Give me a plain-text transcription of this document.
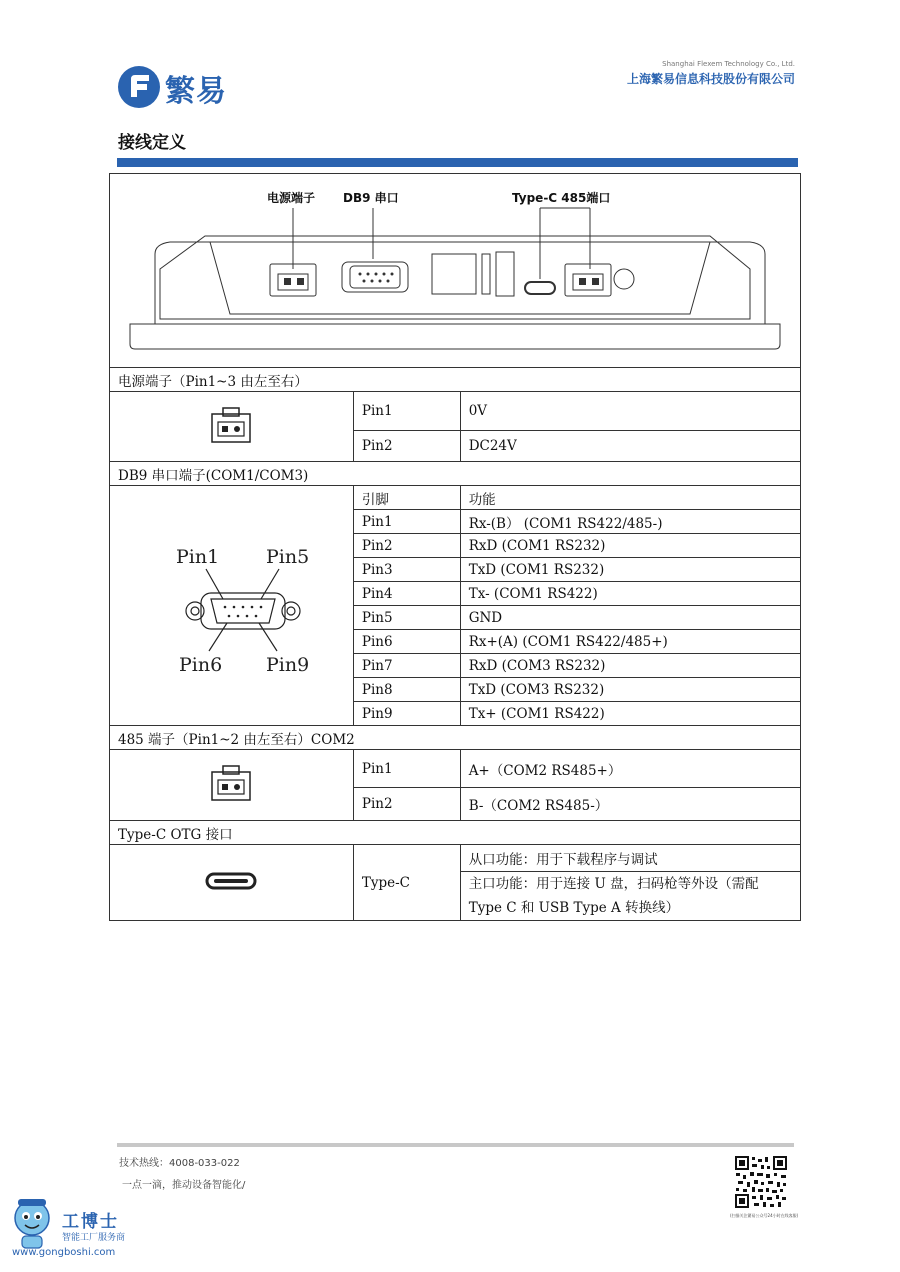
繁易
Shanghai Flexem Technology Co., Ltd.
上海繁易信息科技股份有限公司
接线定义
电源端子 DB9 串口 Type-C 485端口		

电源端子（Pin1~3 由左至右）		
	Pin1	0V
	Pin2	DC24V
DB9 串口端子(COM1/COM3)		

Pin1 Pin5
Pin6 Pin9	引脚	功能
	Pin1	Rx-(B） (COM1 RS422/485-)
	Pin2	RxD (COM1 RS232)
	Pin3	TxD (COM1 RS232)
	Pin4	Tx- (COM1 RS422)
	Pin5	GND
	Pin6	Rx+(A) (COM1 RS422/485+)
	Pin7	RxD (COM3 RS232)
	Pin8	TxD (COM3 RS232)
	Pin9	Tx+ (COM1 RS422)
485 端子（Pin1~2 由左至右）COM2		
	Pin1	A+（COM2 RS485+）
	Pin2	B-（COM2 RS485-）
Type-C OTG 接口		
	Type-C	从口功能：用于下载程序与调试
		主口功能：用于连接 U 盘，扫码枪等外设（需配 Type C 和 USB Type A 转换线）
技术热线：4008-033-022
一点一滴，推动设备智能化/
(扫描关注繁易公众号24小时在线客服)
工博士
智能工厂服务商
www.gongboshi.com
